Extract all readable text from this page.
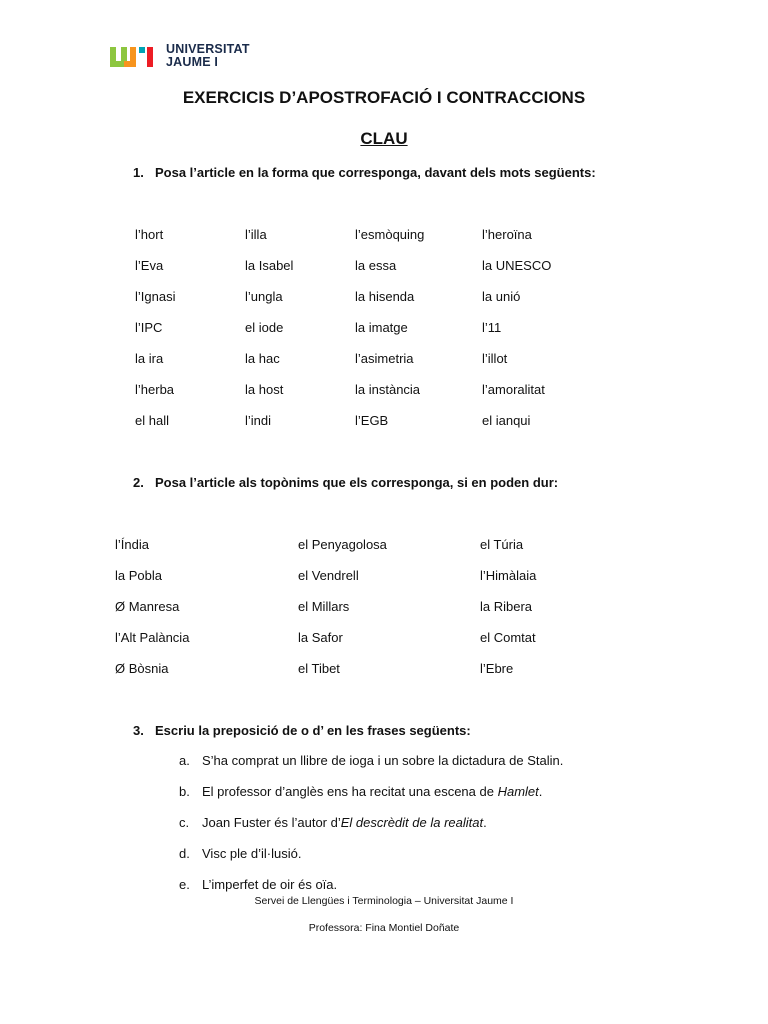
UNIVERSITAT
JAUME I
EXERCICIS D’APOSTROFACIÓ I CONTRACCIONS
CLAU
1. Posa l’article en la forma que corresponga, davant dels mots següents:
l’hort	l’illa	l’esmòquing	l’heroïna
l’Eva	la Isabel	la essa	la UNESCO
l’Ignasi	l’ungla	la hisenda	la unió
l’IPC	el iode	la imatge	l’11
la ira	la hac	l’asimetria	l’illot
l’herba	la host	la instància	l’amoralitat
el hall	l’indi	l’EGB	el ianqui
2. Posa l’article als topònims que els corresponga, si en poden dur:
l’Índia	el Penyagolosa	el Túria
la Pobla	el Vendrell	l’Himàlaia
Ø Manresa	el Millars	la Ribera
l’Alt Palància	la Safor	el Comtat
Ø Bòsnia	el Tibet	l’Ebre
3. Escriu la preposició de o d’ en les frases següents:
a. S’ha comprat un llibre de ioga i un sobre la dictadura de Stalin.
b. El professor d’anglès ens ha recitat una escena de Hamlet.
c. Joan Fuster és l’autor d’El descrèdit de la realitat.
d. Visc ple d’il·lusió.
e. L’imperfet de oir és oïa.
Servei de Llengües i Terminologia – Universitat Jaume I
Professora: Fina Montiel Doñate
